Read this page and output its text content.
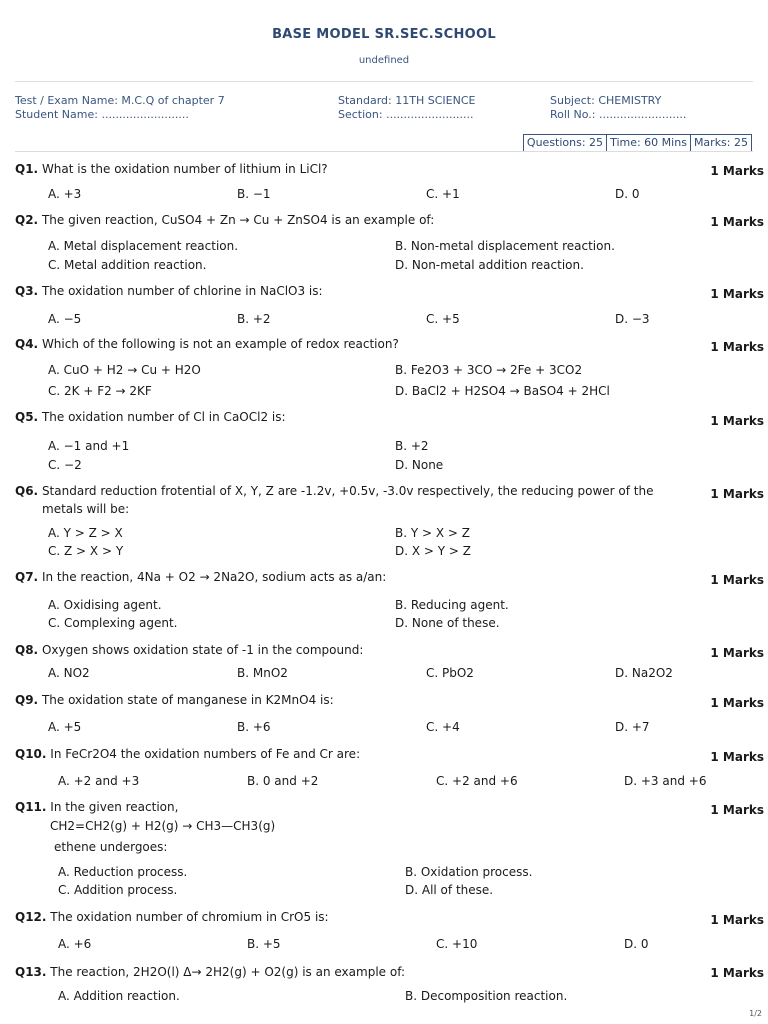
BASE MODEL SR.SEC.SCHOOL
undefined
Test / Exam Name: M.C.Q of chapter 7
Student Name: .........................
Standard: 11TH SCIENCE
Section: .........................
Subject: CHEMISTRY
Roll No.: .........................
Questions: 25 Time: 60 Mins Marks: 25
Q1. What is the oxidation number of lithium in LiCl?	1 Marks
A. +3	B. −1	C. +1	D. 0
Q2. The given reaction, CuSO4 + Zn → Cu + ZnSO4 is an example of:	1 Marks
A. Metal displacement reaction.	B. Non-metal displacement reaction.
C. Metal addition reaction.	D. Non-metal addition reaction.
Q3. The oxidation number of chlorine in NaClO3 is:	1 Marks
A. −5	B. +2	C. +5	D. −3
Q4. Which of the following is not an example of redox reaction?	1 Marks
A. CuO + H2 → Cu + H2O	B. Fe2O3 + 3CO → 2Fe + 3CO2
C. 2K + F2 → 2KF	D. BaCl2 + H2SO4 → BaSO4 + 2HCl
Q5. The oxidation number of Cl in CaOCl2 is:	1 Marks
A. −1 and +1	B. +2
C. −2	D. None
Q6. Standard reduction frotential of X, Y, Z are -1.2v, +0.5v, -3.0v respectively, the reducing power of the metals will be:
1 Marks
A. Y > Z > X	B. Y > X > Z
C. Z > X > Y	D. X > Y > Z
Q7. In the reaction, 4Na + O2 → 2Na2O, sodium acts as a/an:	1 Marks
A. Oxidising agent.	B. Reducing agent.
C. Complexing agent.	D. None of these.
Q8. Oxygen shows oxidation state of -1 in the compound:	1 Marks
A. NO2	B. MnO2	C. PbO2	D. Na2O2
Q9. The oxidation state of manganese in K2MnO4 is:	1 Marks
A. +5	B. +6	C. +4	D. +7
Q10. In FeCr2O4 the oxidation numbers of Fe and Cr are:	1 Marks
A. +2 and +3	B. 0 and +2	C. +2 and +6	D. +3 and +6
Q11. In the given reaction,	1 Marks
CH2=CH2(g) + H2(g) → CH3—CH3(g)
ethene undergoes:
A. Reduction process.	B. Oxidation process.
C. Addition process.	D. All of these.
Q12. The oxidation number of chromium in CrO5 is:	1 Marks
A. +6	B. +5	C. +10	D. 0
Q13. The reaction, 2H2O(l) Δ→ 2H2(g) + O2(g) is an example of:	1 Marks
A. Addition reaction.	B. Decomposition reaction.
1/2
